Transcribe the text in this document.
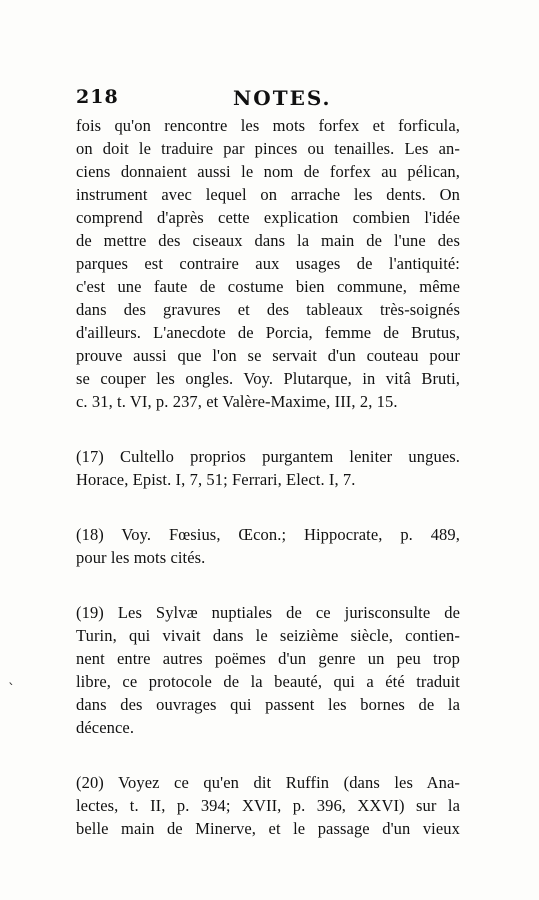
218	NOTES.
fois qu'on rencontre les mots forfex et forficula,
on doit le traduire par pinces ou tenailles. Les an-
ciens donnaient aussi le nom de forfex au pélican,
instrument avec lequel on arrache les dents. On
comprend d'après cette explication combien l'idée
de mettre des ciseaux dans la main de l'une des
parques est contraire aux usages de l'antiquité:
c'est une faute de costume bien commune, même
dans des gravures et des tableaux très-soignés
d'ailleurs. L'anecdote de Porcia, femme de Brutus,
prouve aussi que l'on se servait d'un couteau pour
se couper les ongles. Voy. Plutarque, in vitâ Bruti,
c. 31, t. VI, p. 237, et Valère-Maxime, III, 2, 15.
(17) Cultello proprios purgantem leniter ungues.
Horace, Epist. I, 7, 51; Ferrari, Elect. I, 7.
(18) Voy. Fœsius, Œcon.; Hippocrate, p. 489,
pour les mots cités.
(19) Les Sylvæ nuptiales de ce jurisconsulte de
Turin, qui vivait dans le seizième siècle, contien-
nent entre autres poëmes d'un genre un peu trop
libre, ce protocole de la beauté, qui a été traduit
dans des ouvrages qui passent les bornes de la
décence.
(20) Voyez ce qu'en dit Ruffin (dans les Ana-
lectes, t. II, p. 394; XVII, p. 396, XXVI) sur la
belle main de Minerve, et le passage d'un vieux
`
